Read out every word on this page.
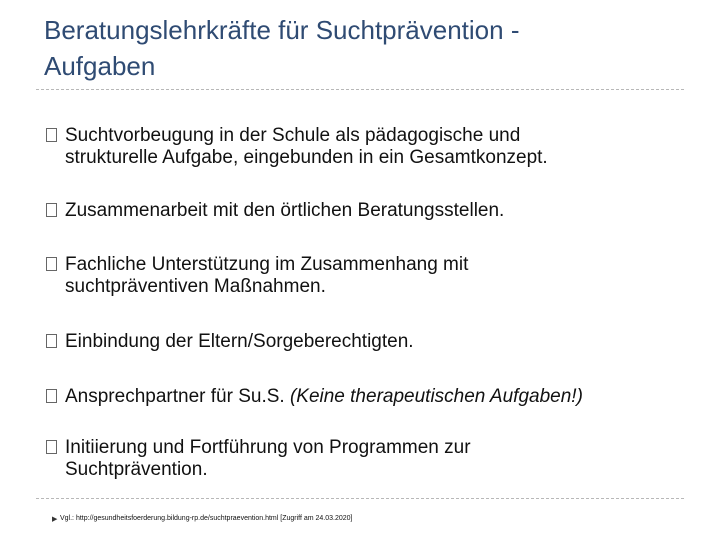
Beratungslehrkräfte für Suchtprävention -
Aufgaben
Suchtvorbeugung in der Schule als pädagogische und
strukturelle Aufgabe, eingebunden in ein Gesamtkonzept.
Zusammenarbeit mit den örtlichen Beratungsstellen.
Fachliche Unterstützung im Zusammenhang mit
suchtpräventiven Maßnahmen.
Einbindung der Eltern/Sorgeberechtigten.
Ansprechpartner für Su.S. (Keine therapeutischen Aufgaben!)
Initiierung und Fortführung von Programmen zur
Suchtprävention.
▶ Vgl.: http://gesundheitsfoerderung.bildung-rp.de/suchtpraevention.html [Zugriff am 24.03.2020]
